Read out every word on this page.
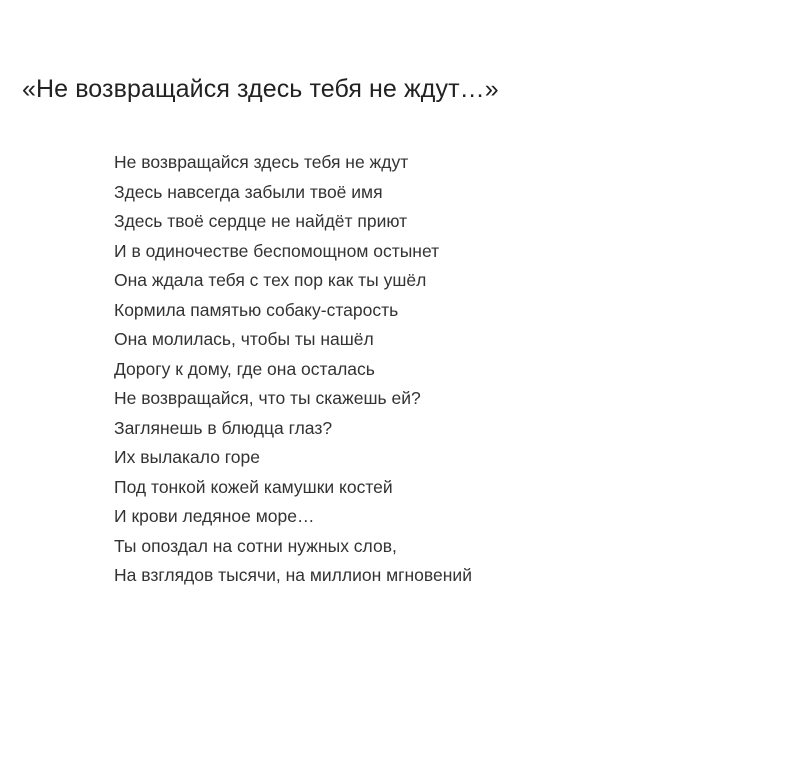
«Не возвращайся здесь тебя не ждут…»
Не возвращайся здесь тебя не ждут
Здесь навсегда забыли твоё имя
Здесь твоё сердце не найдёт приют
И в одиночестве беспомощном остынет
Она ждала тебя с тех пор как ты ушёл
Кормила памятью собаку-старость
Она молилась, чтобы ты нашёл
Дорогу к дому, где она осталась
Не возвращайся, что ты скажешь ей?
Заглянешь в блюдца глаз?
Их вылакало горе
Под тонкой кожей камушки костей
И крови ледяное море…
Ты опоздал на сотни нужных слов,
На взглядов тысячи, на миллион мгновений
